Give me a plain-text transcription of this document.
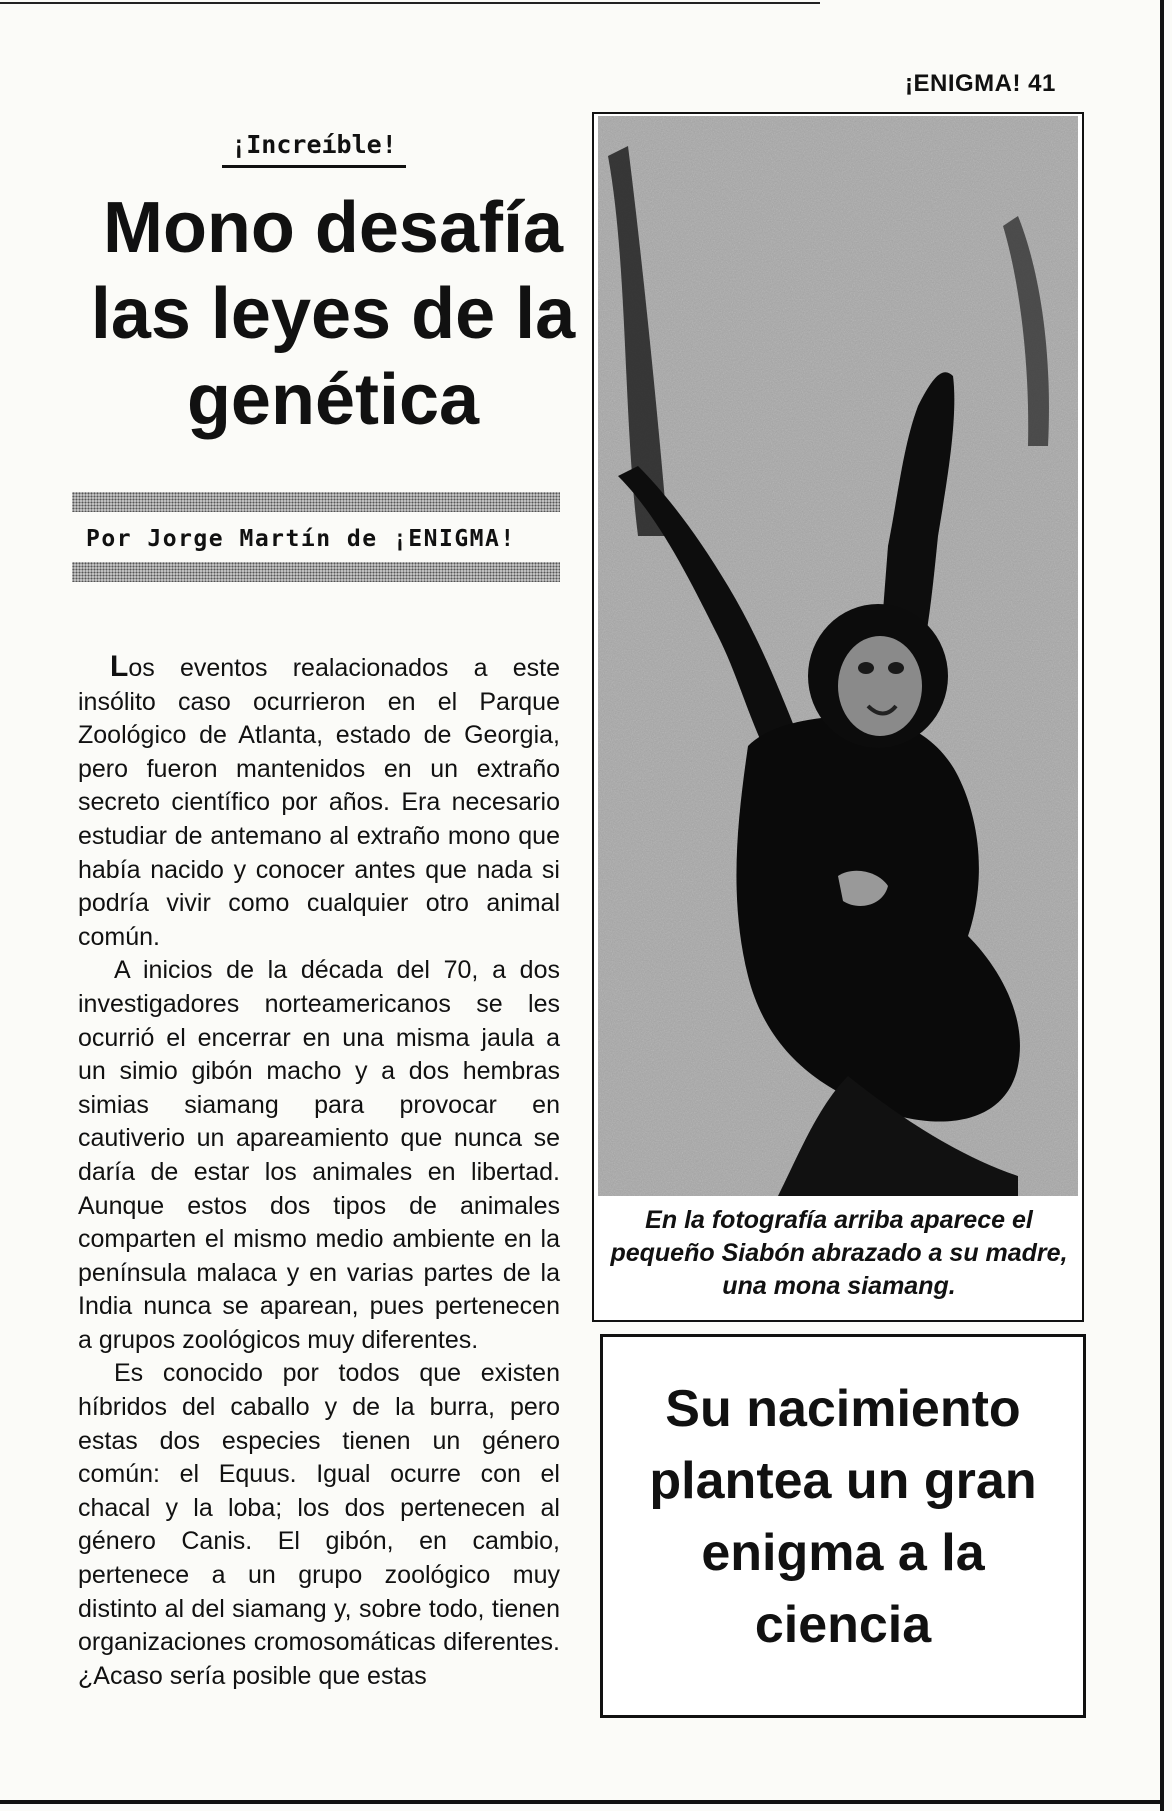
¡ENIGMA! 41
¡Increíble!
Mono desafía las leyes de la genética
Por Jorge Martín de ¡ENIGMA!

Los eventos realacionados a este insólito caso ocurrieron en el Parque Zoológico de Atlanta, estado de Georgia, pero fueron mantenidos en un extraño secreto científico por años. Era necesario estudiar de antemano al extraño mono que había nacido y conocer antes que nada si podría vivir como cualquier otro animal común.

A inicios de la década del 70, a dos investigadores norteamericanos se les ocurrió el encerrar en una misma jaula a un simio gibón macho y a dos hembras simias siamang para provocar en cautiverio un apareamiento que nunca se daría de estar los animales en libertad. Aunque estos dos tipos de animales comparten el mismo medio ambiente en la península malaca y en varias partes de la India nunca se aparean, pues pertenecen a grupos zoológicos muy diferentes.

Es conocido por todos que existen híbridos del caballo y de la burra, pero estas dos especies tienen un género común: el Equus. Igual ocurre con el chacal y la loba; los dos pertenecen al género Canis. El gibón, en cambio, pertenece a un grupo zoológico muy distinto al del siamang y, sobre todo, tienen organizaciones cromosomáticas diferentes. ¿Acaso sería posible que estas

En la fotografía arriba aparece el pequeño Siabón abrazado a su madre, una mona siamang.

Su nacimiento plantea un gran enigma a la ciencia
